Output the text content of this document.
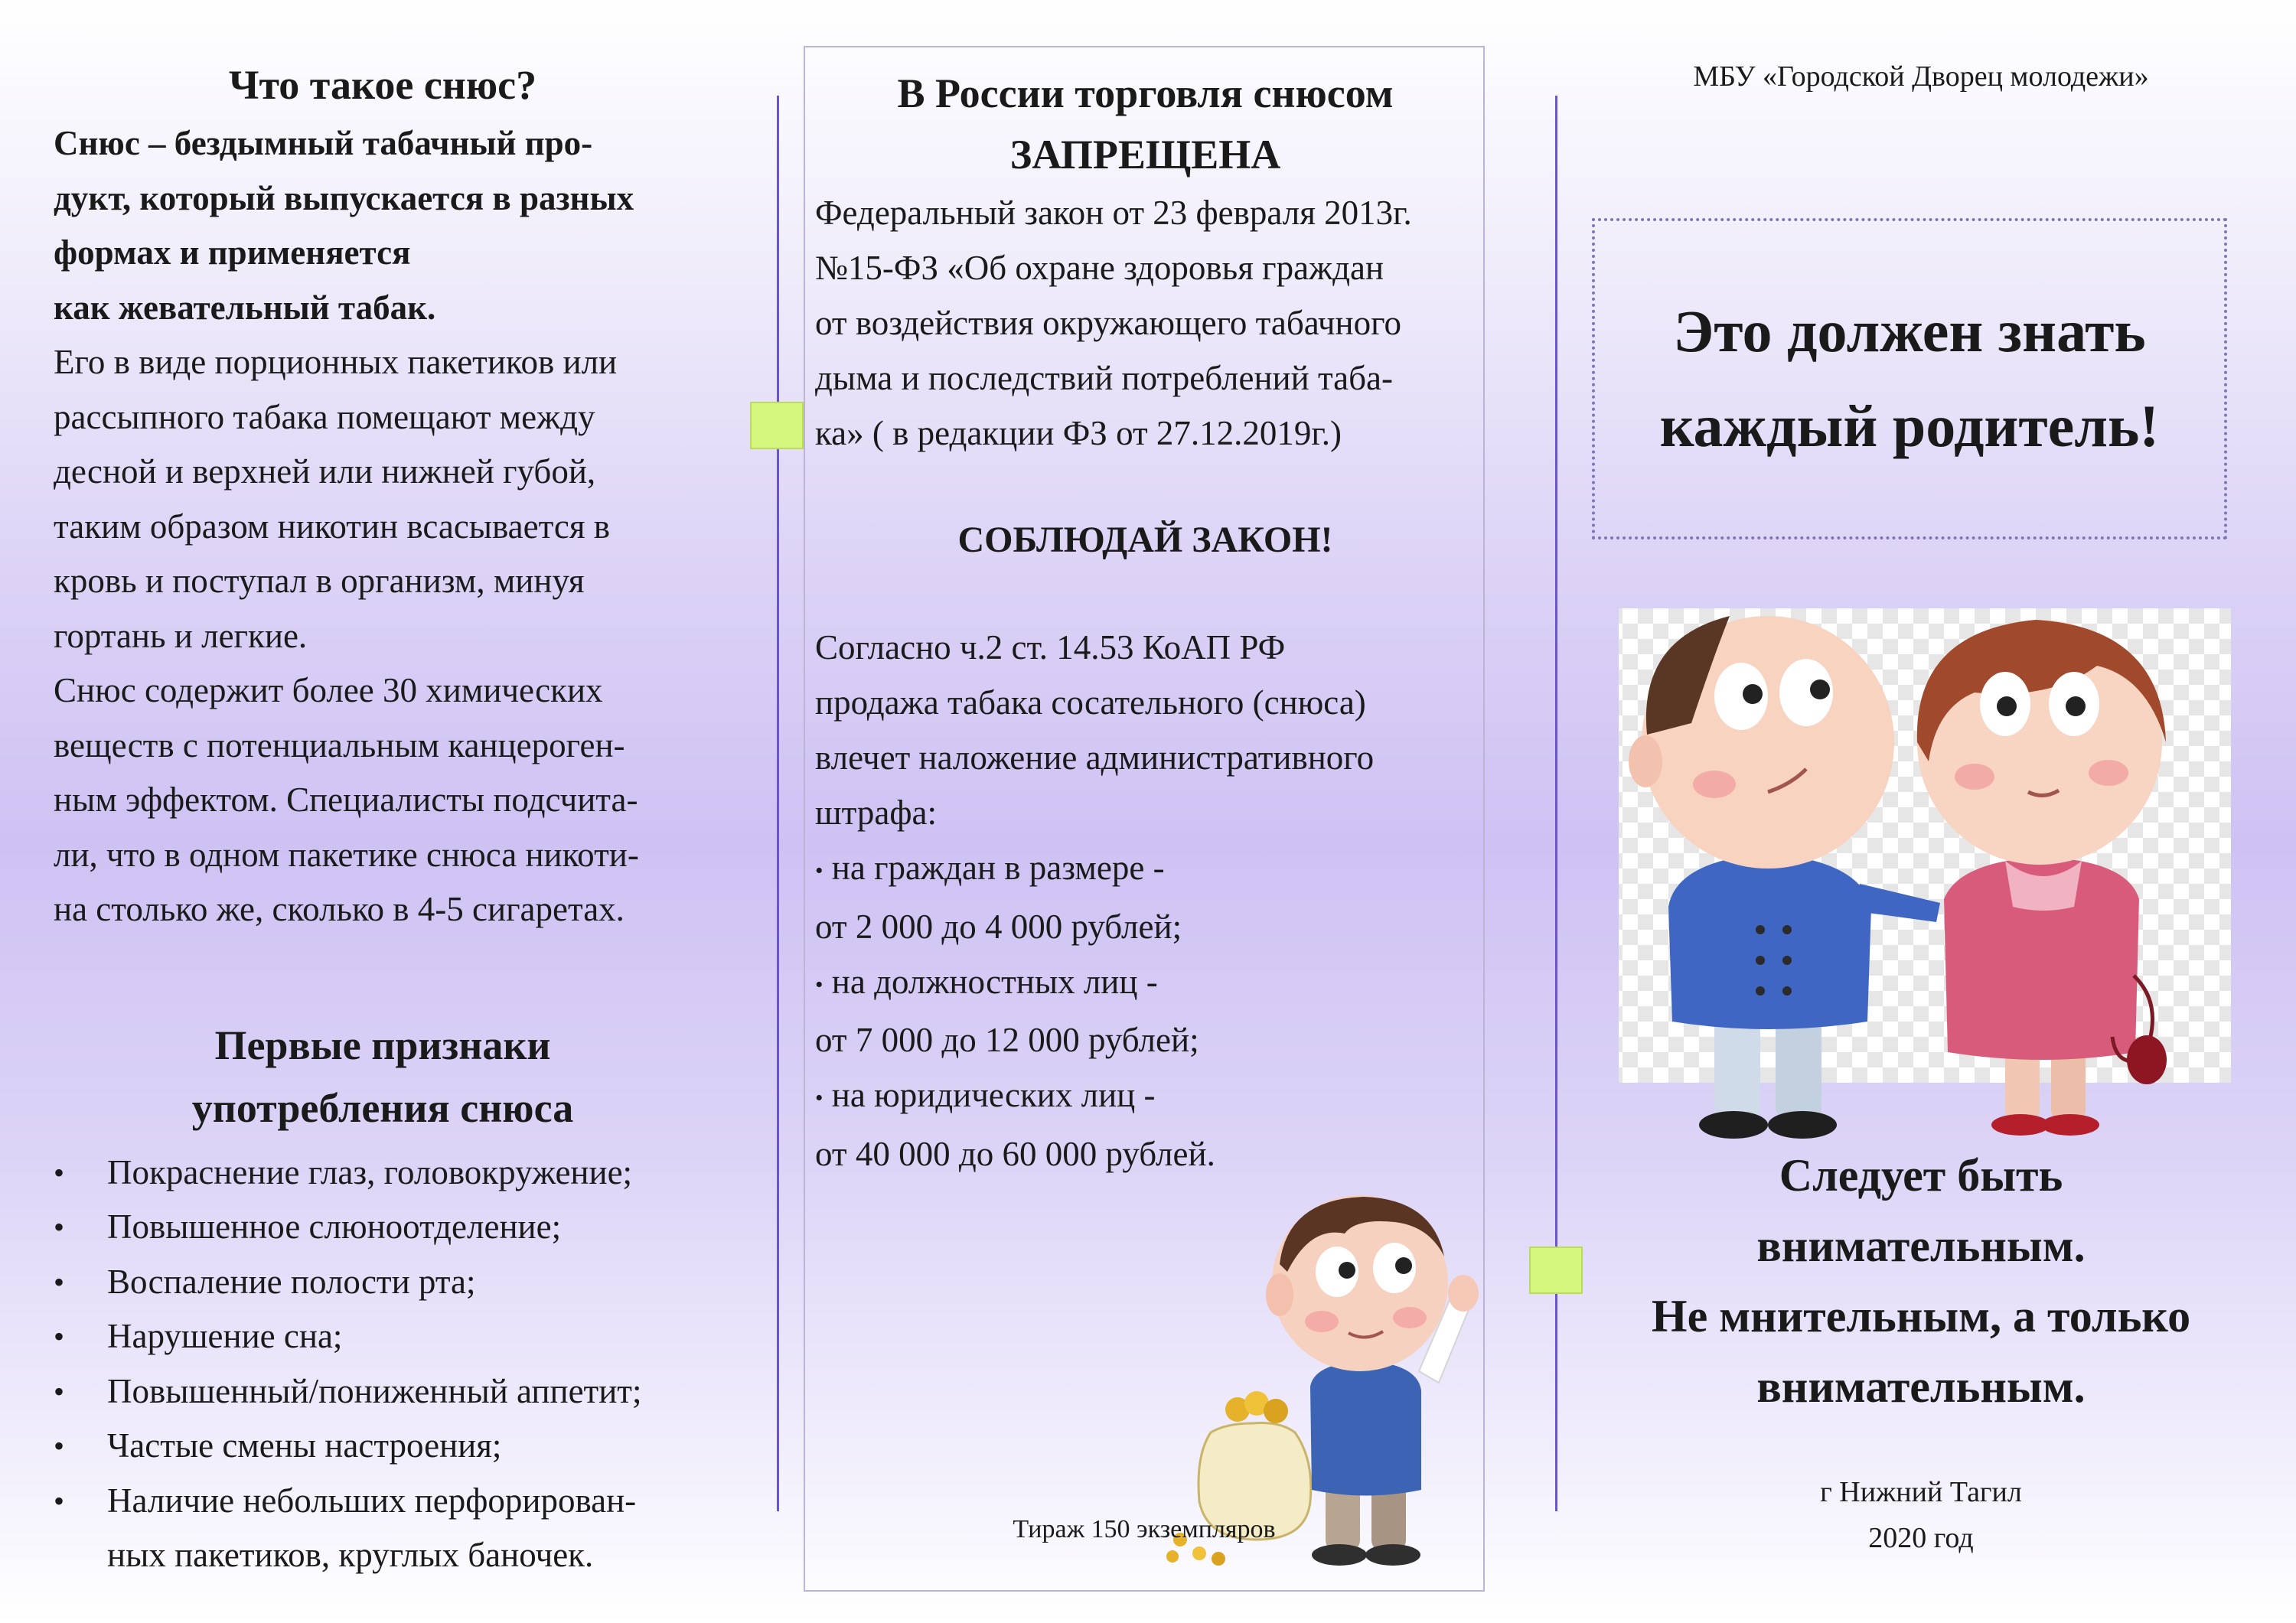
Что такое снюс?

Снюс – бездымный табачный про-

дукт, который выпускается в разных

формах и применяется

как жевательный табак.

Его в виде порционных пакетиков или

рассыпного табака помещают между

десной и верхней или нижней губой,

таким образом никотин всасывается в

кровь и поступал в организм, минуя

гортань и легкие.

Снюс содержит более 30 химических

веществ с потенциальным канцероген-

ным эффектом. Специалисты подсчита-

ли, что в одном пакетике снюса никоти-

на столько же, сколько в 4-5 сигаретах.

Первые признаки
употребления снюса
• Покраснение глаз, головокружение;
• Повышенное слюноотделение;
• Воспаление полости рта;
• Нарушение сна;
• Повышенный/пониженный аппетит;
• Частые смены настроения;
• Наличие небольших перфорирован-
ных пакетиков, круглых баночек.
В России торговля снюсом
ЗАПРЕЩЕНА

Федеральный закон от 23 февраля 2013г.

№15-ФЗ «Об охране здоровья граждан

от воздействия окружающего табачного

дыма и последствий потреблений таба-

ка» ( в редакции ФЗ от 27.12.2019г.)

СОБЛЮДАЙ ЗАКОН!

Согласно ч.2 ст. 14.53 КоАП РФ

продажа табака сосательного (снюса)

влечет наложение административного

штрафа:

• на граждан в размере -
от 2 000 до 4 000 рублей;
• на должностных лиц -
от 7 000 до 12 000 рублей;
• на юридических лиц -
от 40 000 до 60 000 рублей.
Тираж 150 экземпляров
МБУ «Городской Дворец молодежи»

Это должен знать каждый родитель!

Следует быть
внимательным.
Не мнительным, а только
внимательным.
г Нижний Тагил
2020 год
